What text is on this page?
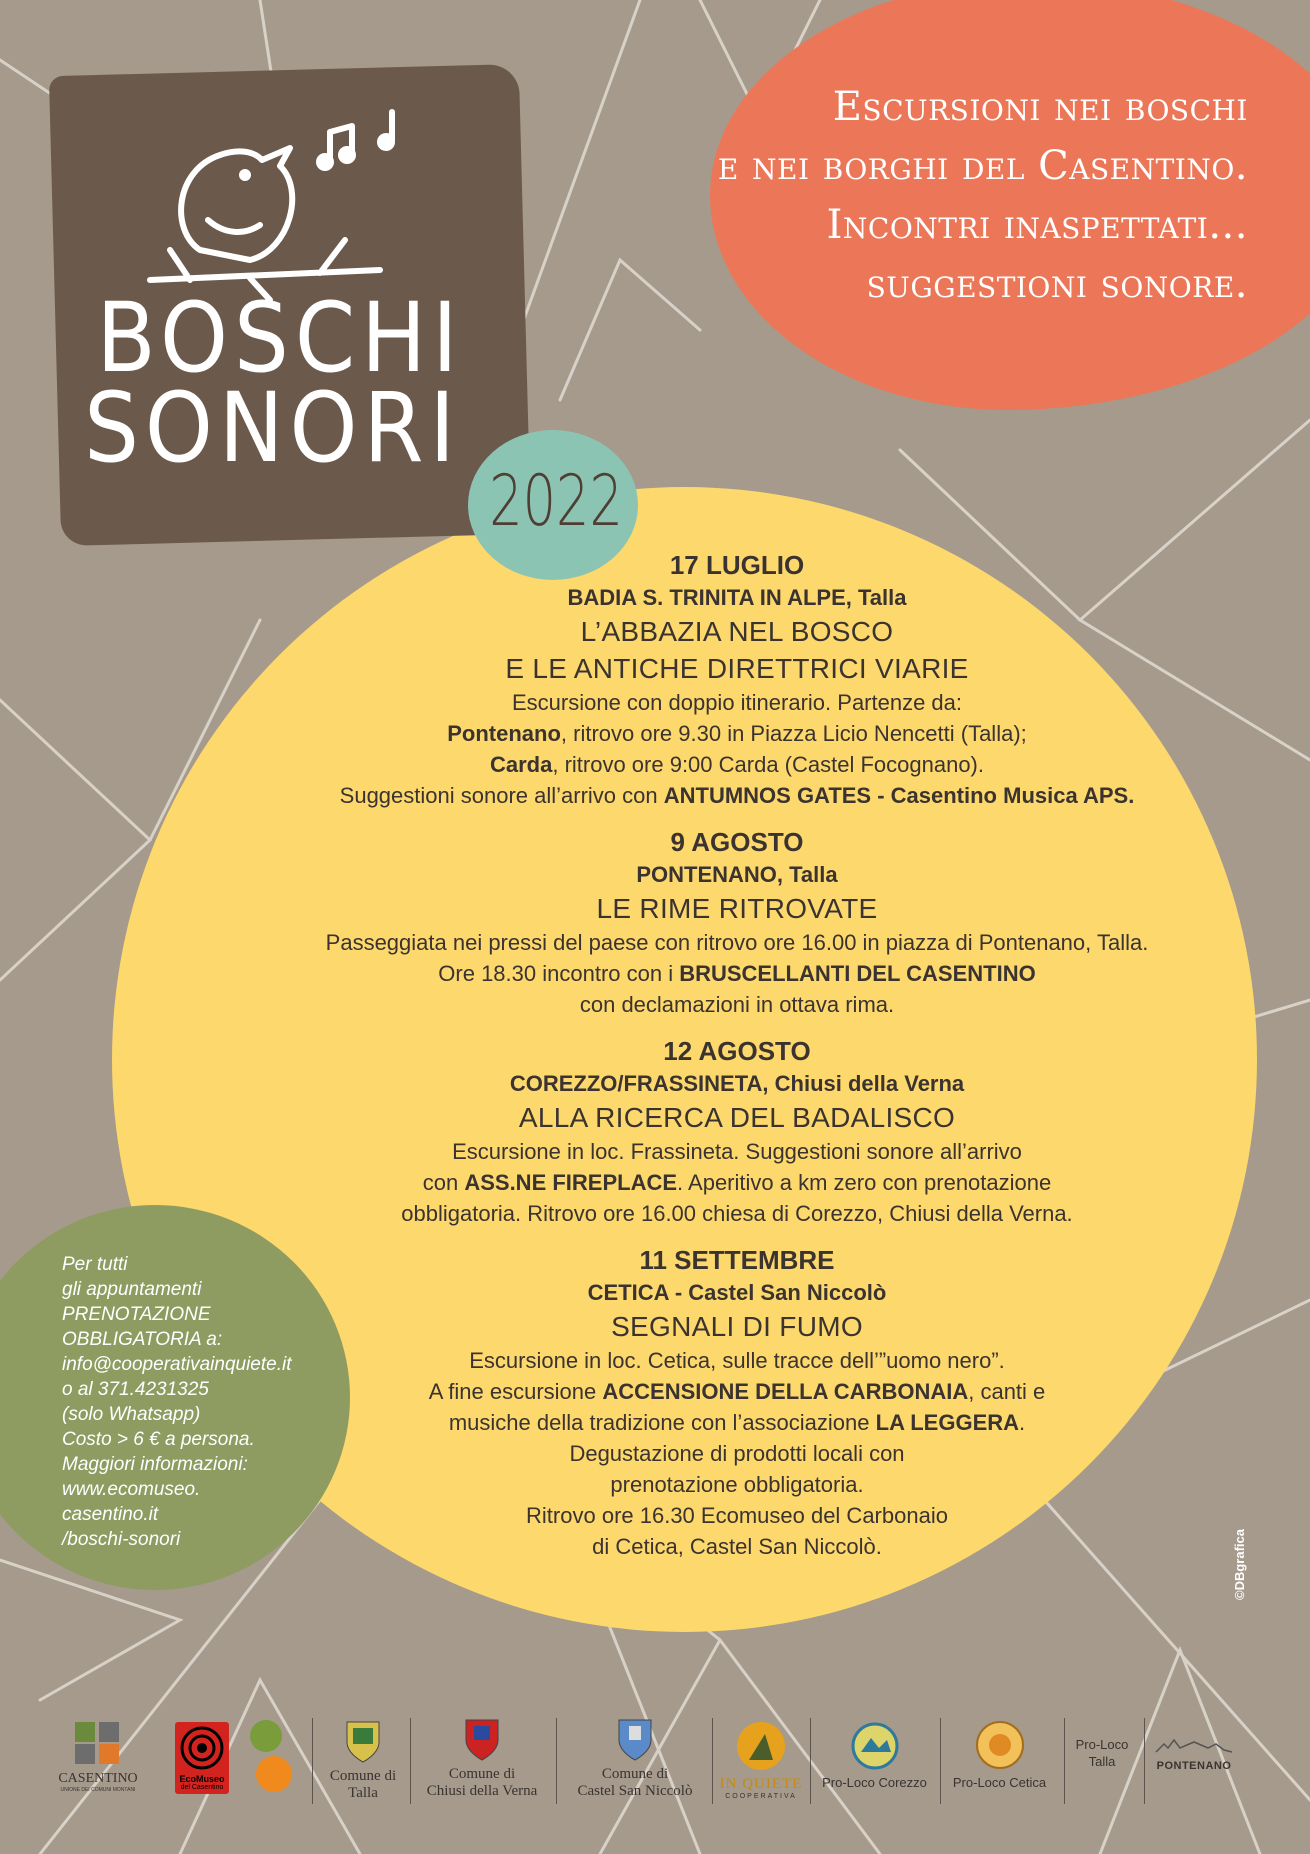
Escursioni nei boschi
e nei borghi del Casentino.
Incontri inaspettati...
suggestioni sonore.
BOSCHI
SONORI
2022
17 LUGLIO
BADIA S. TRINITA IN ALPE, Talla
L’ABBAZIA NEL BOSCO
E LE ANTICHE DIRETTRICI VIARIE
Escursione con doppio itinerario. Partenze da:
Pontenano, ritrovo ore 9.30 in Piazza Licio Nencetti (Talla);
Carda, ritrovo ore 9:00 Carda (Castel Focognano).
Suggestioni sonore all’arrivo con ANTUMNOS GATES - Casentino Musica APS.
9 AGOSTO
PONTENANO, Talla
LE RIME RITROVATE
Passeggiata nei pressi del paese con ritrovo ore 16.00 in piazza di Pontenano, Talla.
Ore 18.30 incontro con i BRUSCELLANTI DEL CASENTINO
con declamazioni in ottava rima.
12 AGOSTO
COREZZO/FRASSINETA, Chiusi della Verna
ALLA RICERCA DEL BADALISCO
Escursione in loc. Frassineta. Suggestioni sonore all’arrivo
con ASS.NE FIREPLACE. Aperitivo a km zero con prenotazione
obbligatoria. Ritrovo ore 16.00 chiesa di Corezzo, Chiusi della Verna.
11 SETTEMBRE
CETICA - Castel San Niccolò
SEGNALI DI FUMO
Escursione in loc. Cetica, sulle tracce dell’”uomo nero”.
A fine escursione ACCENSIONE DELLA CARBONAIA, canti e
musiche della tradizione con l’associazione LA LEGGERA.
Degustazione di prodotti locali con
prenotazione obbligatoria.
Ritrovo ore 16.30 Ecomuseo del Carbonaio
di Cetica, Castel San Niccolò.
Per tutti
gli appuntamenti
PRENOTAZIONE
OBBLIGATORIA a:
info@cooperativainquiete.it
o al 371.4231325
(solo Whatsapp)
Costo > 6 € a persona.
Maggiori informazioni:
www.ecomuseo.
casentino.it
/boschi-sonori	©DBgrafica
CASENTINO
UNIONE DEI COMUNI MONTANI
EcoMuseo
del Casentino
Comune di
Talla
Comune di
Chiusi della Verna
Comune di
Castel San Niccolò	IN QUIETE
COOPERATIVA
Pro-Loco Corezzo	Pro-Loco Cetica
Pro-Loco
Talla	PONTENANO
